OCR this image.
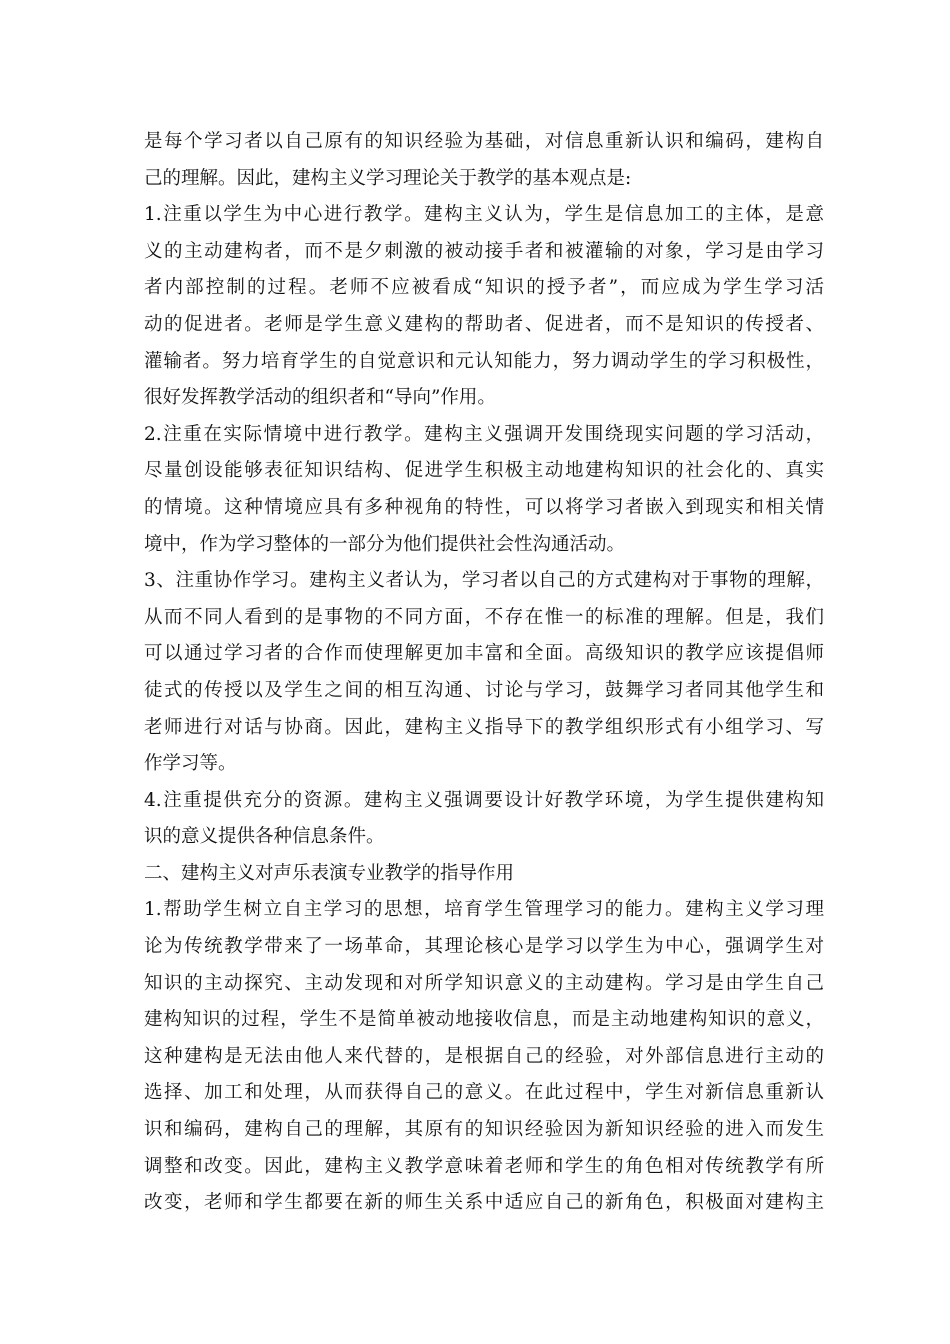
是每个学习者以自己原有的知识经验为基础，对信息重新认识和编码，建构自
己的理解。因此，建构主义学习理论关于教学的基本观点是:
1.注重以学生为中心进行教学。建构主义认为，学生是信息加工的主体，是意
义的主动建构者，而不是夕刺激的被动接手者和被灌输的对象，学习是由学习
者内部控制的过程。老师不应被看成“知识的授予者”，而应成为学生学习活
动的促进者。老师是学生意义建构的帮助者、促进者，而不是知识的传授者、
灌输者。努力培育学生的自觉意识和元认知能力，努力调动学生的学习积极性，
很好发挥教学活动的组织者和“导向”作用。
2.注重在实际情境中进行教学。建构主义强调开发围绕现实问题的学习活动，
尽量创设能够表征知识结构、促进学生积极主动地建构知识的社会化的、真实
的情境。这种情境应具有多种视角的特性，可以将学习者嵌入到现实和相关情
境中，作为学习整体的一部分为他们提供社会性沟通活动。
3、注重协作学习。建构主义者认为，学习者以自己的方式建构对于事物的理解，
从而不同人看到的是事物的不同方面，不存在惟一的标准的理解。但是，我们
可以通过学习者的合作而使理解更加丰富和全面。高级知识的教学应该提倡师
徒式的传授以及学生之间的相互沟通、讨论与学习，鼓舞学习者同其他学生和
老师进行对话与协商。因此，建构主义指导下的教学组织形式有小组学习、写
作学习等。
4.注重提供充分的资源。建构主义强调要设计好教学环境，为学生提供建构知
识的意义提供各种信息条件。
二、建构主义对声乐表演专业教学的指导作用
1.帮助学生树立自主学习的思想，培育学生管理学习的能力。建构主义学习理
论为传统教学带来了一场革命，其理论核心是学习以学生为中心，强调学生对
知识的主动探究、主动发现和对所学知识意义的主动建构。学习是由学生自己
建构知识的过程，学生不是简单被动地接收信息，而是主动地建构知识的意义，
这种建构是无法由他人来代替的，是根据自己的经验，对外部信息进行主动的
选择、加工和处理，从而获得自己的意义。在此过程中，学生对新信息重新认
识和编码，建构自己的理解，其原有的知识经验因为新知识经验的进入而发生
调整和改变。因此，建构主义教学意味着老师和学生的角色相对传统教学有所
改变，老师和学生都要在新的师生关系中适应自己的新角色，积极面对建构主
